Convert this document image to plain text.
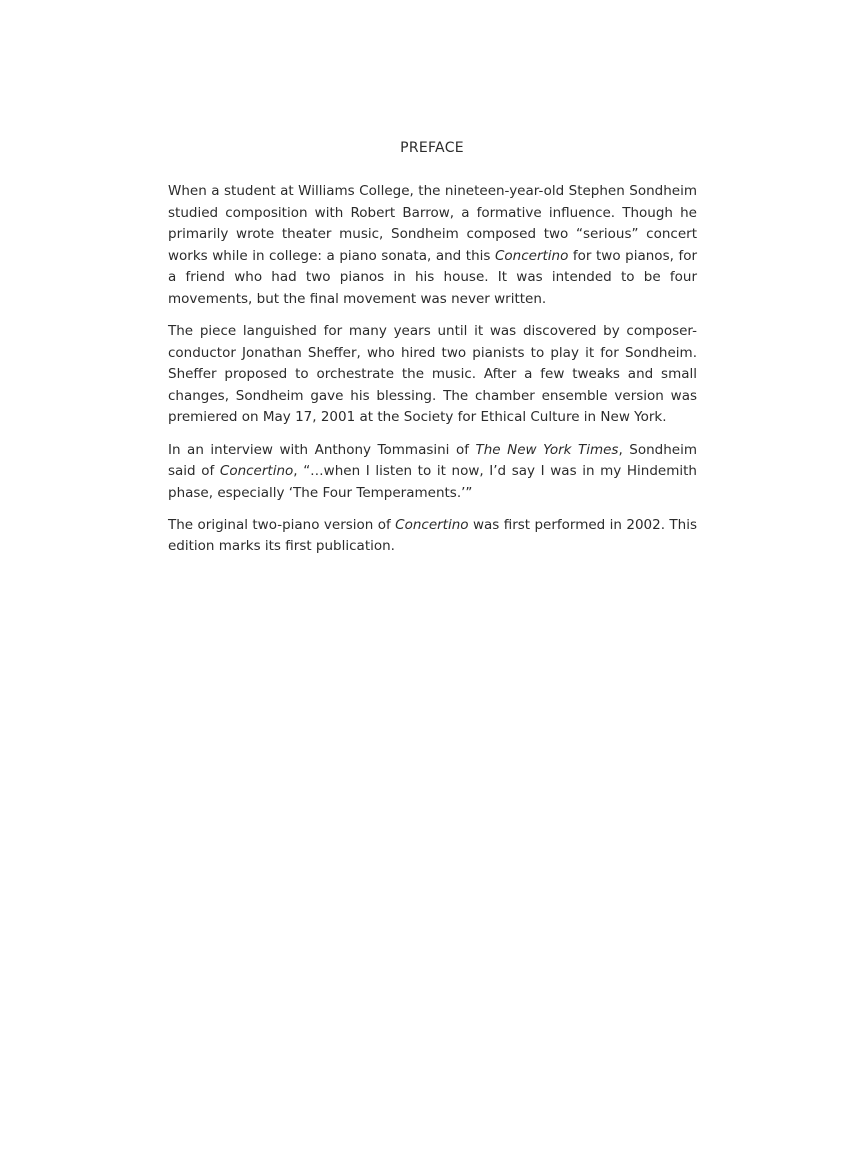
PREFACE

When a student at Williams College, the nineteen-year-old Stephen Sondheim studied composition with Robert Barrow, a formative influence. Though he primarily wrote theater music, Sondheim composed two “serious” concert works while in college: a piano sonata, and this Concertino for two pianos, for a friend who had two pianos in his house. It was intended to be four movements, but the final movement was never written.

The piece languished for many years until it was discovered by composer-conductor Jonathan Sheffer, who hired two pianists to play it for Sondheim. Sheffer proposed to orchestrate the music. After a few tweaks and small changes, Sondheim gave his blessing. The chamber ensemble version was premiered on May 17, 2001 at the Society for Ethical Culture in New York.

In an interview with Anthony Tommasini of The New York Times, Sondheim said of Concertino, “…when I listen to it now, I’d say I was in my Hindemith phase, especially ‘The Four Temperaments.’”

The original two-piano version of Concertino was first performed in 2002. This edition marks its first publication.
